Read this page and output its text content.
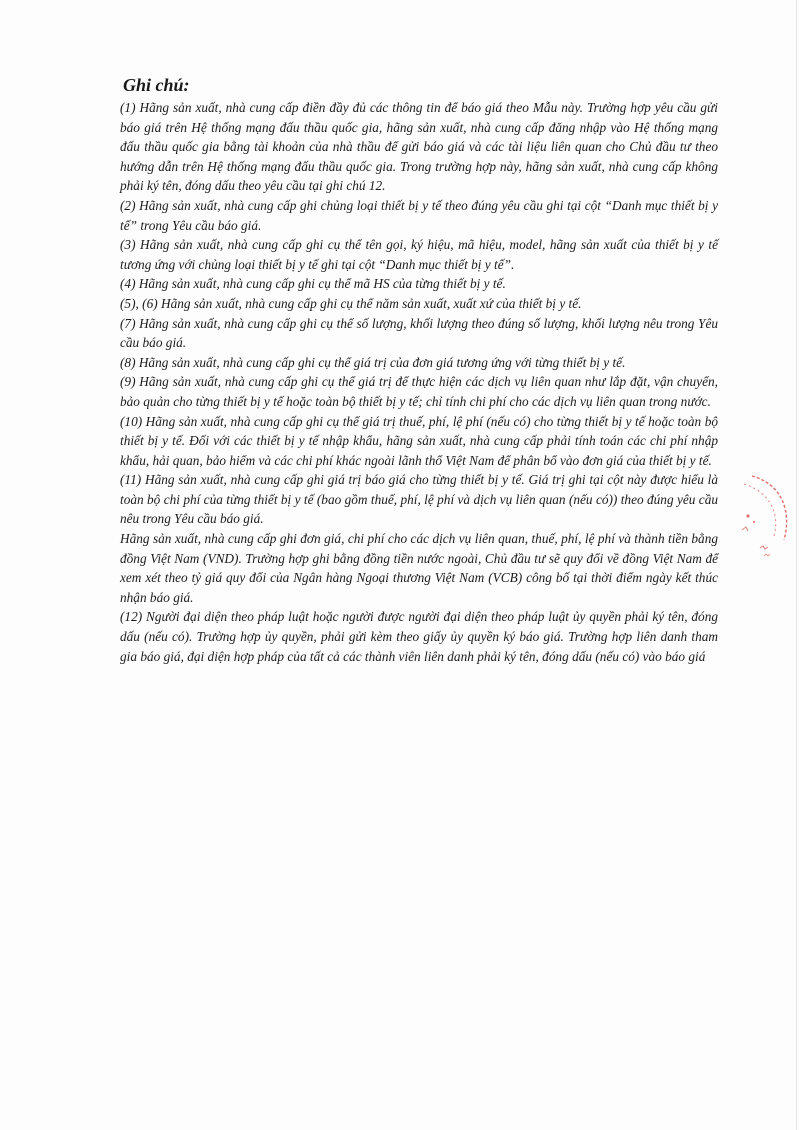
Ghi chú:

(1) Hãng sản xuất, nhà cung cấp điền đầy đủ các thông tin để báo giá theo Mẫu này. Trường hợp yêu cầu gửi báo giá trên Hệ thống mạng đấu thầu quốc gia, hãng sản xuất, nhà cung cấp đăng nhập vào Hệ thống mạng đấu thầu quốc gia bằng tài khoản của nhà thầu để gửi báo giá và các tài liệu liên quan cho Chủ đầu tư theo hướng dẫn trên Hệ thống mạng đấu thầu quốc gia. Trong trường hợp này, hãng sản xuất, nhà cung cấp không phải ký tên, đóng dấu theo yêu cầu tại ghi chú 12.

(2) Hãng sản xuất, nhà cung cấp ghi chủng loại thiết bị y tế theo đúng yêu cầu ghi tại cột “Danh mục thiết bị y tế” trong Yêu cầu báo giá.

(3) Hãng sản xuất, nhà cung cấp ghi cụ thể tên gọi, ký hiệu, mã hiệu, model, hãng sản xuất của thiết bị y tế tương ứng với chủng loại thiết bị y tế ghi tại cột “Danh mục thiết bị y tế”.

(4) Hãng sản xuất, nhà cung cấp ghi cụ thể mã HS của từng thiết bị y tế.

(5), (6) Hãng sản xuất, nhà cung cấp ghi cụ thể năm sản xuất, xuất xứ của thiết bị y tế.

(7) Hãng sản xuất, nhà cung cấp ghi cụ thể số lượng, khối lượng theo đúng số lượng, khối lượng nêu trong Yêu cầu báo giá.

(8) Hãng sản xuất, nhà cung cấp ghi cụ thể giá trị của đơn giá tương ứng với từng thiết bị y tế.

(9) Hãng sản xuất, nhà cung cấp ghi cụ thể giá trị để thực hiện các dịch vụ liên quan như lắp đặt, vận chuyển, bảo quản cho từng thiết bị y tế hoặc toàn bộ thiết bị y tế; chỉ tính chi phí cho các dịch vụ liên quan trong nước.

(10) Hãng sản xuất, nhà cung cấp ghi cụ thể giá trị thuế, phí, lệ phí (nếu có) cho từng thiết bị y tế hoặc toàn bộ thiết bị y tế. Đối với các thiết bị y tế nhập khẩu, hãng sản xuất, nhà cung cấp phải tính toán các chi phí nhập khẩu, hải quan, bảo hiểm và các chi phí khác ngoài lãnh thổ Việt Nam để phân bổ vào đơn giá của thiết bị y tế.

(11) Hãng sản xuất, nhà cung cấp ghi giá trị báo giá cho từng thiết bị y tế. Giá trị ghi tại cột này được hiểu là toàn bộ chi phí của từng thiết bị y tế (bao gồm thuế, phí, lệ phí và dịch vụ liên quan (nếu có)) theo đúng yêu cầu nêu trong Yêu cầu báo giá.

Hãng sản xuất, nhà cung cấp ghi đơn giá, chi phí cho các dịch vụ liên quan, thuế, phí, lệ phí và thành tiền bằng đồng Việt Nam (VND). Trường hợp ghi bằng đồng tiền nước ngoài, Chủ đầu tư sẽ quy đổi về đồng Việt Nam để xem xét theo tỷ giá quy đổi của Ngân hàng Ngoại thương Việt Nam (VCB) công bố tại thời điểm ngày kết thúc nhận báo giá.

(12) Người đại diện theo pháp luật hoặc người được người đại diện theo pháp luật ủy quyền phải ký tên, đóng dấu (nếu có). Trường hợp ủy quyền, phải gửi kèm theo giấy ủy quyền ký báo giá. Trường hợp liên danh tham gia báo giá, đại diện hợp pháp của tất cả các thành viên liên danh phải ký tên, đóng dấu (nếu có) vào báo giá
